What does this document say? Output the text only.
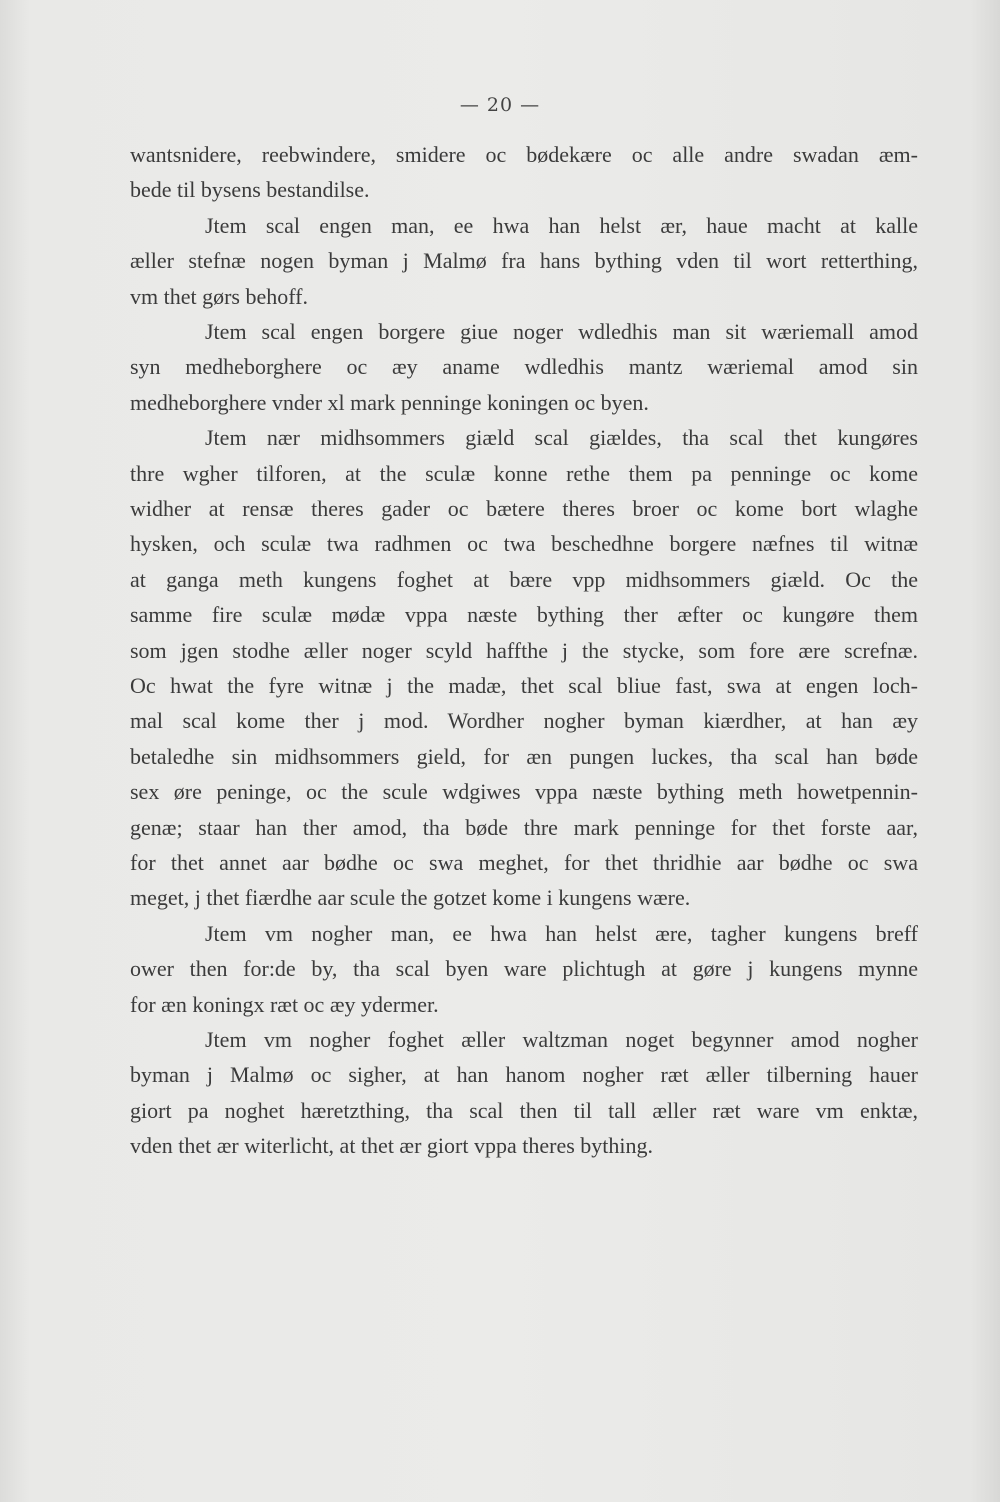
— 20 —
wantsnidere, reebwindere, smidere oc bødekære oc alle andre swadan æm-
bede til bysens bestandilse.
Jtem scal engen man, ee hwa han helst ær, haue macht at kalle
æller stefnæ nogen byman j Malmø fra hans bything vden til wort retterthing,
vm thet gørs behoff.
Jtem scal engen borgere giue noger wdledhis man sit wæriemall amod
syn medheborghere oc æy aname wdledhis mantz wæriemal amod sin
medheborghere vnder xl mark penninge koningen oc byen.
Jtem nær midhsommers giæld scal giældes, tha scal thet kungøres
thre wgher tilforen, at the sculæ konne rethe them pa penninge oc kome
widher at rensæ theres gader oc bætere theres broer oc kome bort wlaghe
hysken, och sculæ twa radhmen oc twa beschedhne borgere næfnes til witnæ
at ganga meth kungens foghet at bære vpp midhsommers giæld. Oc the
samme fire sculæ mødæ vppa næste bything ther æfter oc kungøre them
som jgen stodhe æller noger scyld haffthe j the stycke, som fore ære screfnæ.
Oc hwat the fyre witnæ j the madæ, thet scal bliue fast, swa at engen loch-
mal scal kome ther j mod. Wordher nogher byman kiærdher, at han æy
betaledhe sin midhsommers gield, for æn pungen luckes, tha scal han bøde
sex øre peninge, oc the scule wdgiwes vppa næste bything meth howetpennin-
genæ; staar han ther amod, tha bøde thre mark penninge for thet forste aar,
for thet annet aar bødhe oc swa meghet, for thet thridhie aar bødhe oc swa
meget, j thet fiærdhe aar scule the gotzet kome i kungens wære.
Jtem vm nogher man, ee hwa han helst ære, tagher kungens breff
ower then for:de by, tha scal byen ware plichtugh at gøre j kungens mynne
for æn koningx ræt oc æy ydermer.
Jtem vm nogher foghet æller waltzman noget begynner amod nogher
byman j Malmø oc sigher, at han hanom nogher ræt æller tilberning hauer
giort pa noghet hæretzthing, tha scal then til tall æller ræt ware vm enktæ,
vden thet ær witerlicht, at thet ær giort vppa theres bything.
